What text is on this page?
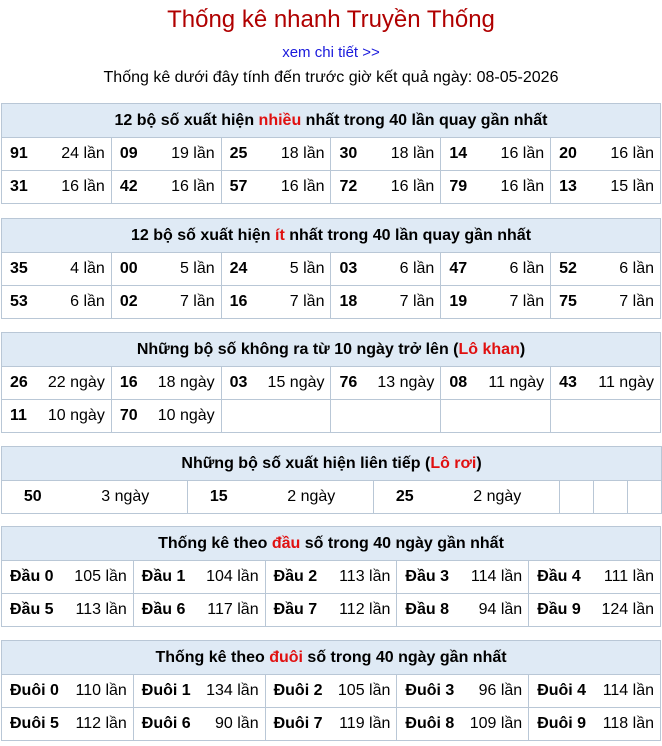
Thống kê nhanh Truyền Thống
xem chi tiết >>
Thống kê dưới đây tính đến trước giờ kết quả ngày: 08-05-2026
12 bộ số xuất hiện nhiều nhất trong 40 lần quay gần nhất					

91 24 lần	09 19 lần	25 18 lần	30 18 lần	14 16 lần	20 16 lần

31 16 lần	42 16 lần	57 16 lần	72 16 lần	79 16 lần	13 15 lần
12 bộ số xuất hiện ít nhất trong 40 lần quay gần nhất					

35 4 lần	00 5 lần	24 5 lần	03 6 lần	47 6 lần	52 6 lần

53 6 lần	02 7 lần	16 7 lần	18 7 lần	19 7 lần	75 7 lần
Những bộ số không ra từ 10 ngày trở lên (Lô khan)					

26 22 ngày	16 18 ngày	03 15 ngày	76 13 ngày	08 11 ngày	43 11 ngày

11 10 ngày	70 10 ngày				

Những bộ số xuất hiện liên tiếp (Lô rơi)
50	3 ngày	15	2 ngày	25	2 ngày			
Thống kê theo đầu số trong 40 ngày gần nhất				

Đầu 0 105 lần	Đầu 1 104 lần	Đầu 2 113 lần	Đầu 3 114 lần	Đầu 4 111 lần

Đầu 5 113 lần	Đầu 6 117 lần	Đầu 7 112 lần	Đầu 8 94 lần	Đầu 9 124 lần
Thống kê theo đuôi số trong 40 ngày gần nhất				

Đuôi 0 110 lần	Đuôi 1 134 lần	Đuôi 2 105 lần	Đuôi 3 96 lần	Đuôi 4 114 lần

Đuôi 5 112 lần	Đuôi 6 90 lần	Đuôi 7 119 lần	Đuôi 8 109 lần	Đuôi 9 118 lần
